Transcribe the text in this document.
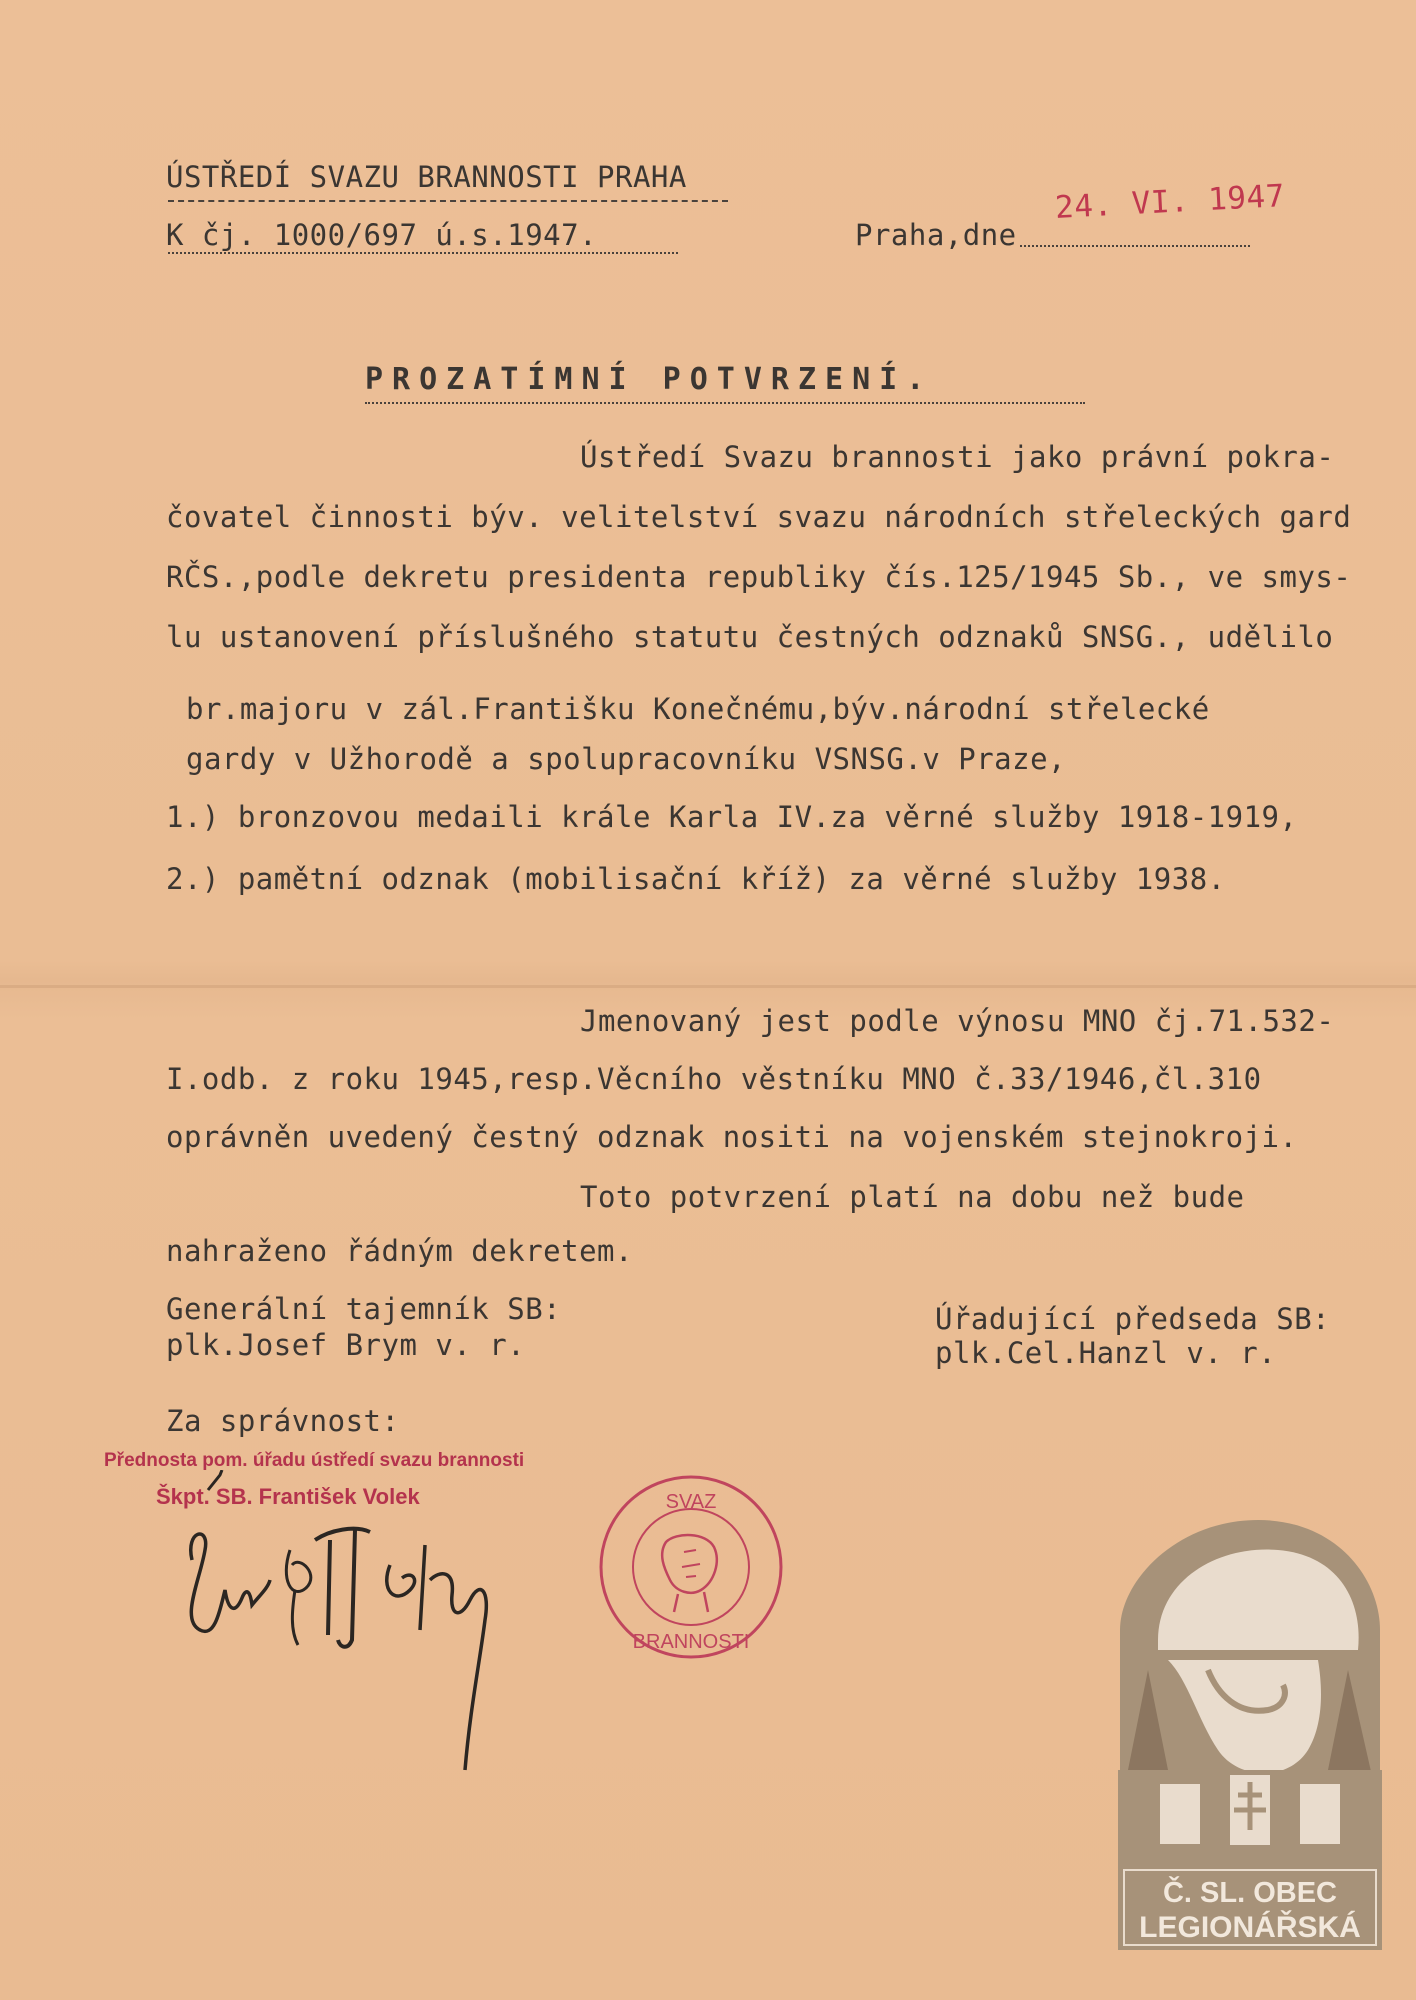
ÚSTŘEDÍ SVAZU BRANNOSTI PRAHA
K čj. 1000/697 ú.s.1947.	Praha,dne
24. VI. 1947
PROZATÍMNÍ POTVRZENÍ.
Ústředí Svazu brannosti jako právní pokra-
čovatel činnosti býv. velitelství svazu národních střeleckých gard
RČS.,podle dekretu presidenta republiky čís.125/1945 Sb., ve smys-
lu ustanovení příslušného statutu čestných odznaků SNSG., udělilo
br.majoru v zál.Františku Konečnému,býv.národní střelecké
gardy v Užhorodě a spolupracovníku VSNSG.v Praze,
1.) bronzovou medaili krále Karla IV.za věrné služby 1918-1919,
2.) pamětní odznak (mobilisační kříž) za věrné služby 1938.
Jmenovaný jest podle výnosu MNO čj.71.532-
I.odb. z roku 1945,resp.Věcního věstníku MNO č.33/1946,čl.310
oprávněn uvedený čestný odznak nositi na vojenském stejnokroji.
Toto potvrzení platí na dobu než bude
nahraženo řádným dekretem.
Generální tajemník SB:
plk.Josef Brym v. r.
Úřadující předseda SB:
plk.Cel.Hanzl v. r.
Za správnost:
Přednosta pom. úřadu ústředí svazu brannosti
Škpt. SB. František Volek	SVAZ
BRANNOSTI
Č. SL. OBEC
LEGIONÁŘSKÁ
